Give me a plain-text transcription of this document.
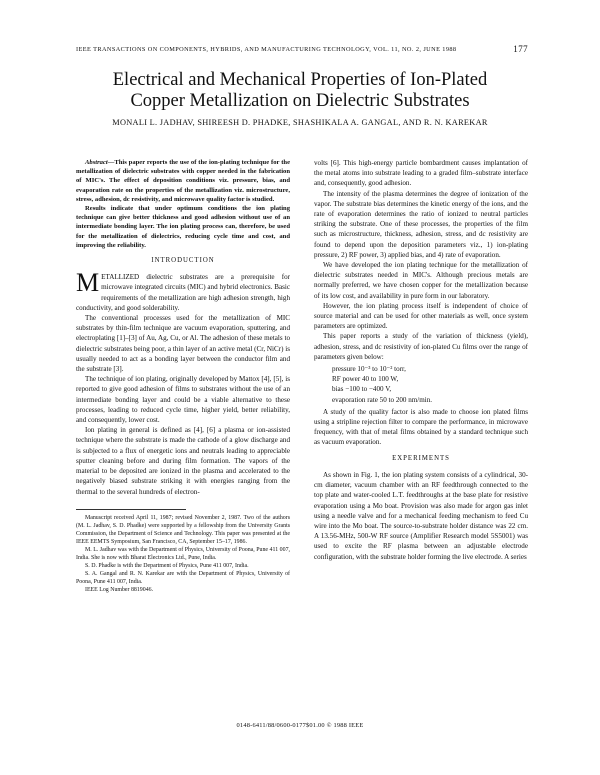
IEEE TRANSACTIONS ON COMPONENTS, HYBRIDS, AND MANUFACTURING TECHNOLOGY, VOL. 11, NO. 2, JUNE 1988	177
Electrical and Mechanical Properties of Ion-Plated
Copper Metallization on Dielectric Substrates
MONALI L. JADHAV, SHIREESH D. PHADKE, SHASHIKALA A. GANGAL, AND R. N. KAREKAR

Abstract—This paper reports the use of the ion-plating technique for the metallization of dielectric substrates with copper needed in the fabrication of MIC's. The effect of deposition conditions viz. pressure, bias, and evaporation rate on the properties of the metallization viz. microstructure, stress, adhesion, dc resistivity, and microwave quality factor is studied.

Results indicate that under optimum conditions the ion plating technique can give better thickness and good adhesion without use of an intermediate bonding layer. The ion plating process can, therefore, be used for the metallization of dielectrics, reducing cycle time and cost, and improving the reliability.

INTRODUCTION

METALLIZED dielectric substrates are a prerequisite for microwave integrated circuits (MIC) and hybrid electronics. Basic requirements of the metallization are high adhesion strength, high conductivity, and good solderability.

The conventional processes used for the metallization of MIC substrates by thin-film technique are vacuum evaporation, sputtering, and electroplating [1]–[3] of Au, Ag, Cu, or Al. The adhesion of these metals to dielectric substrates being poor, a thin layer of an active metal (Cr, NiCr) is usually needed to act as a bonding layer between the conductor film and the substrate [3].

The technique of ion plating, originally developed by Mattox [4], [5], is reported to give good adhesion of films to substrates without the use of an intermediate bonding layer and could be a viable alternative to these processes, leading to reduced cycle time, higher yield, better reliability, and consequently, lower cost.

Ion plating in general is defined as [4], [6] a plasma or ion-assisted technique where the substrate is made the cathode of a glow discharge and is subjected to a flux of energetic ions and neutrals leading to appreciable sputter cleaning before and during film formation. The vapors of the material to be deposited are ionized in the plasma and accelerated to the negatively biased substrate striking it with energies ranging from the thermal to the several hundreds of electron-

Manuscript received April 11, 1987; revised November 2, 1987. Two of the authors (M. L. Jadhav, S. D. Phadke) were supported by a fellowship from the University Grants Commission, the Department of Science and Technology. This paper was presented at the IEEE EEMTS Symposium, San Francisco, CA, September 15–17, 1986.

M. L. Jadhav was with the Department of Physics, University of Poona, Pune 411 007, India. She is now with Bharat Electronics Ltd., Pune, India.

S. D. Phadke is with the Department of Physics, Pune 411 007, India.

S. A. Gangal and R. N. Karekar are with the Department of Physics, University of Poona, Pune 411 007, India.

IEEE Log Number 8819046.

volts [6]. This high-energy particle bombardment causes implantation of the metal atoms into substrate leading to a graded film–substrate interface and, consequently, good adhesion.

The intensity of the plasma determines the degree of ionization of the vapor. The substrate bias determines the kinetic energy of the ions, and the rate of evaporation determines the ratio of ionized to neutral particles striking the substrate. One of these processes, the properties of the film such as microstructure, thickness, adhesion, stress, and dc resistivity are found to depend upon the deposition parameters viz., 1) ion-plating pressure, 2) RF power, 3) applied bias, and 4) rate of evaporation.

We have developed the ion plating technique for the metallization of dielectric substrates needed in MIC's. Although precious metals are normally preferred, we have chosen copper for the metallization because of its low cost, and availability in pure form in our laboratory.

However, the ion plating process itself is independent of choice of source material and can be used for other materials as well, once system parameters are optimized.

This paper reports a study of the variation of thickness (yield), adhesion, stress, and dc resistivity of ion-plated Cu films over the range of parameters given below:

pressure 10⁻³ to 10⁻² torr,

RF power 40 to 100 W,

bias −100 to −400 V,

evaporation rate 50 to 200 nm/min.

A study of the quality factor is also made to choose ion plated films using a stripline rejection filter to compare the performance, in microwave frequency, with that of metal films obtained by a standard technique such as vacuum evaporation.

EXPERIMENTS

As shown in Fig. 1, the ion plating system consists of a cylindrical, 30-cm diameter, vacuum chamber with an RF feedthrough connected to the top plate and water-cooled L.T. feedthroughs at the base plate for resistive evaporation using a Mo boat. Provision was also made for argon gas inlet using a needle valve and for a mechanical feeding mechanism to feed Cu wire into the Mo boat. The source-to-substrate holder distance was 22 cm. A 13.56-MHz, 500-W RF source (Amplifier Research model 5S5001) was used to excite the RF plasma between an adjustable electrode configuration, with the substrate holder forming the live electrode. A series

0148-6411/88/0600-0177$01.00 © 1988 IEEE
